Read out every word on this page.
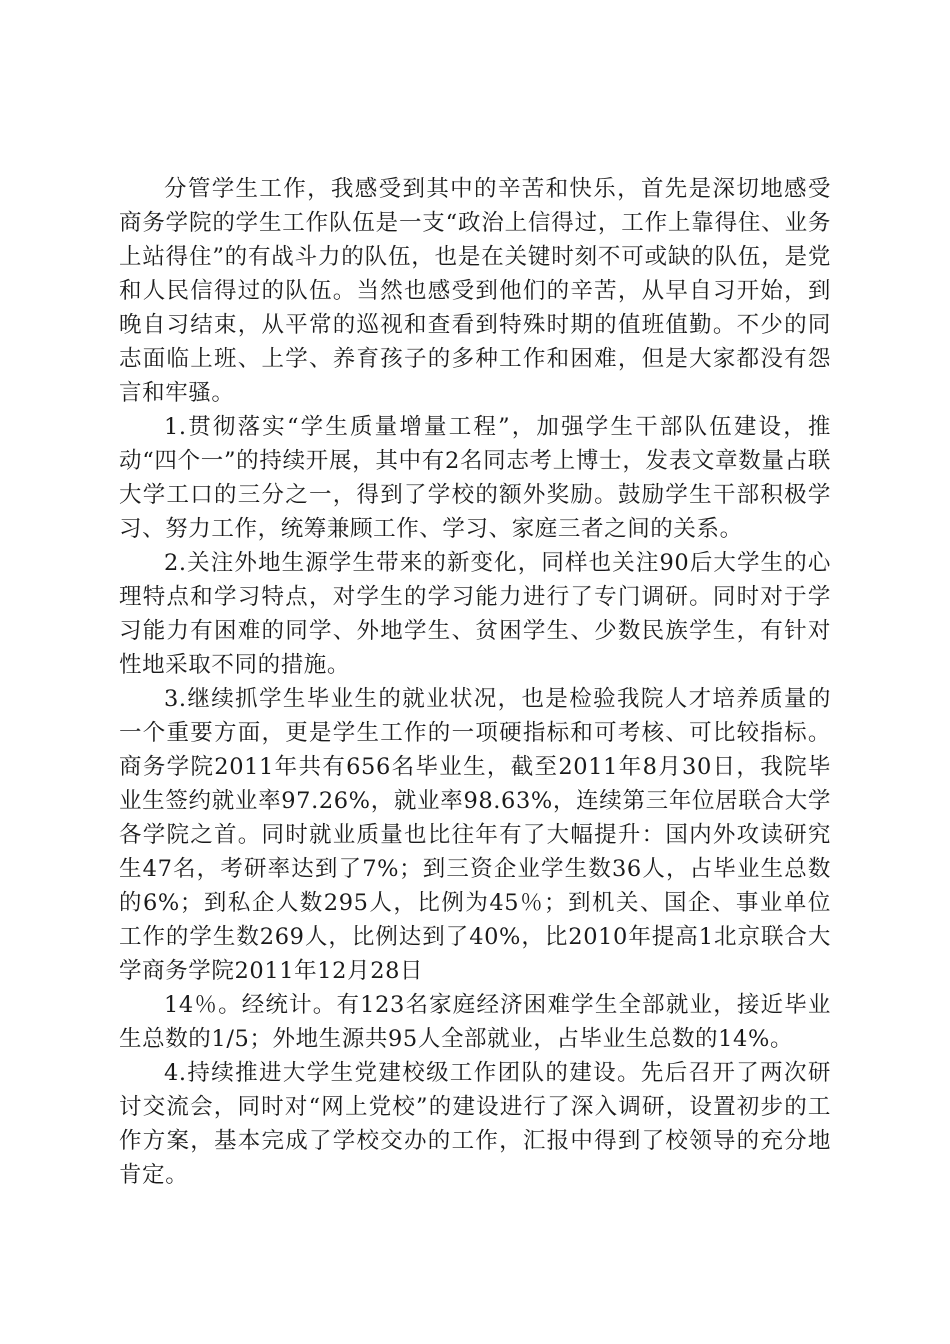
分管学生工作，我感受到其中的辛苦和快乐，首先是深切地感受商务学院的学生工作队伍是一支“政治上信得过，工作上靠得住、业务上站得住”的有战斗力的队伍，也是在关键时刻不可或缺的队伍，是党和人民信得过的队伍。当然也感受到他们的辛苦，从早自习开始，到晚自习结束，从平常的巡视和查看到特殊时期的值班值勤。不少的同志面临上班、上学、养育孩子的多种工作和困难，但是大家都没有怨言和牢骚。

1.贯彻落实“学生质量增量工程”，加强学生干部队伍建设，推动“四个一”的持续开展，其中有2名同志考上博士，发表文章数量占联大学工口的三分之一，得到了学校的额外奖励。鼓励学生干部积极学习、努力工作，统筹兼顾工作、学习、家庭三者之间的关系。

2.关注外地生源学生带来的新变化，同样也关注90后大学生的心理特点和学习特点，对学生的学习能力进行了专门调研。同时对于学习能力有困难的同学、外地学生、贫困学生、少数民族学生，有针对性地采取不同的措施。

3.继续抓学生毕业生的就业状况，也是检验我院人才培养质量的一个重要方面，更是学生工作的一项硬指标和可考核、可比较指标。商务学院2011年共有656名毕业生，截至2011年8月30日，我院毕业生签约就业率97.26%，就业率98.63%，连续第三年位居联合大学各学院之首。同时就业质量也比往年有了大幅提升：国内外攻读研究生47名，考研率达到了7%；到三资企业学生数36人，占毕业生总数的6%；到私企人数295人，比例为45％；到机关、国企、事业单位工作的学生数269人，比例达到了40%，比2010年提高1北京联合大学商务学院2011年12月28日

14％。经统计。有123名家庭经济困难学生全部就业，接近毕业生总数的1/5；外地生源共95人全部就业，占毕业生总数的14%。

4.持续推进大学生党建校级工作团队的建设。先后召开了两次研讨交流会，同时对“网上党校”的建设进行了深入调研，设置初步的工作方案，基本完成了学校交办的工作，汇报中得到了校领导的充分地肯定。
